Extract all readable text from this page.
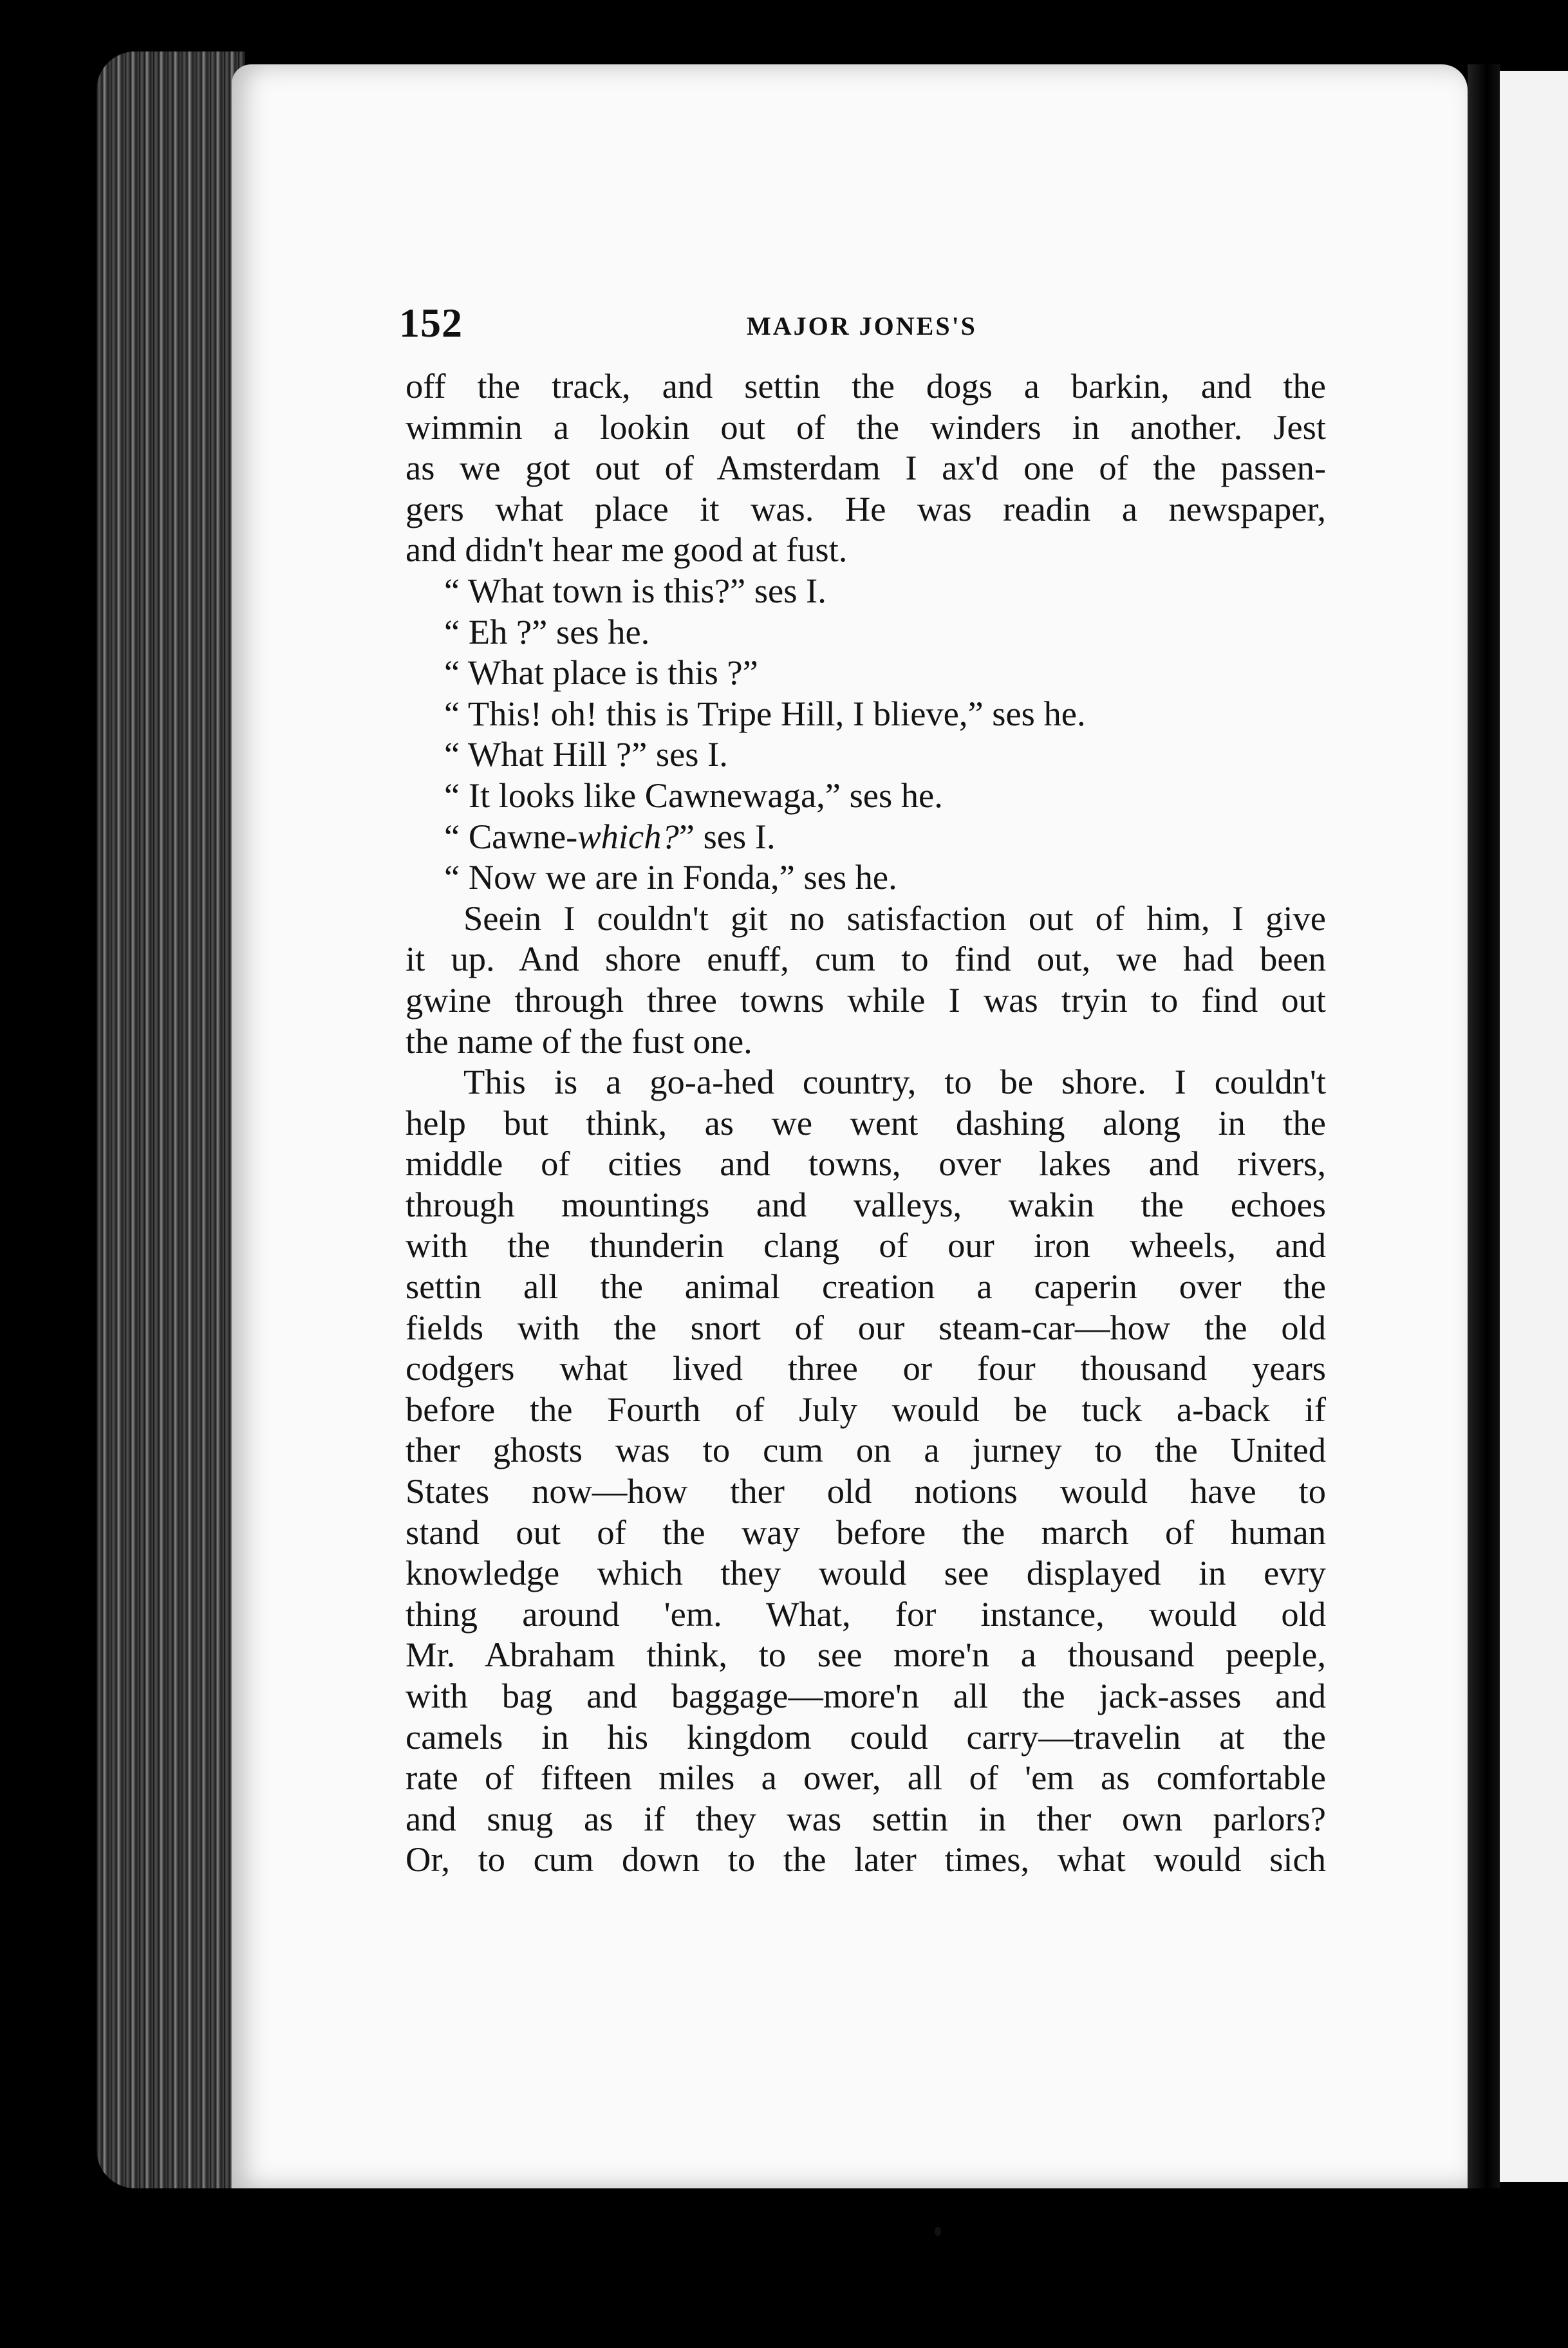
152	MAJOR JONES'S
off the track, and settin the dogs a barkin, and the
wimmin a lookin out of the winders in another. Jest
as we got out of Amsterdam I ax'd one of the passen-
gers what place it was. He was readin a newspaper,
and didn't hear me good at fust.
“ What town is this?” ses I.
“ Eh ?” ses he.
“ What place is this ?”
“ This! oh! this is Tripe Hill, I blieve,” ses he.
“ What Hill ?” ses I.
“ It looks like Cawnewaga,” ses he.
“ Cawne-which?” ses I.
“ Now we are in Fonda,” ses he.
Seein I couldn't git no satisfaction out of him, I give
it up. And shore enuff, cum to find out, we had been
gwine through three towns while I was tryin to find out
the name of the fust one.
This is a go-a-hed country, to be shore. I couldn't
help but think, as we went dashing along in the
middle of cities and towns, over lakes and rivers,
through mountings and valleys, wakin the echoes
with the thunderin clang of our iron wheels, and
settin all the animal creation a caperin over the
fields with the snort of our steam-car—how the old
codgers what lived three or four thousand years
before the Fourth of July would be tuck a-back if
ther ghosts was to cum on a jurney to the United
States now—how ther old notions would have to
stand out of the way before the march of human
knowledge which they would see displayed in evry
thing around 'em. What, for instance, would old
Mr. Abraham think, to see more'n a thousand peeple,
with bag and baggage—more'n all the jack-asses and
camels in his kingdom could carry—travelin at the
rate of fifteen miles a ower, all of 'em as comfortable
and snug as if they was settin in ther own parlors?
Or, to cum down to the later times, what would sich
